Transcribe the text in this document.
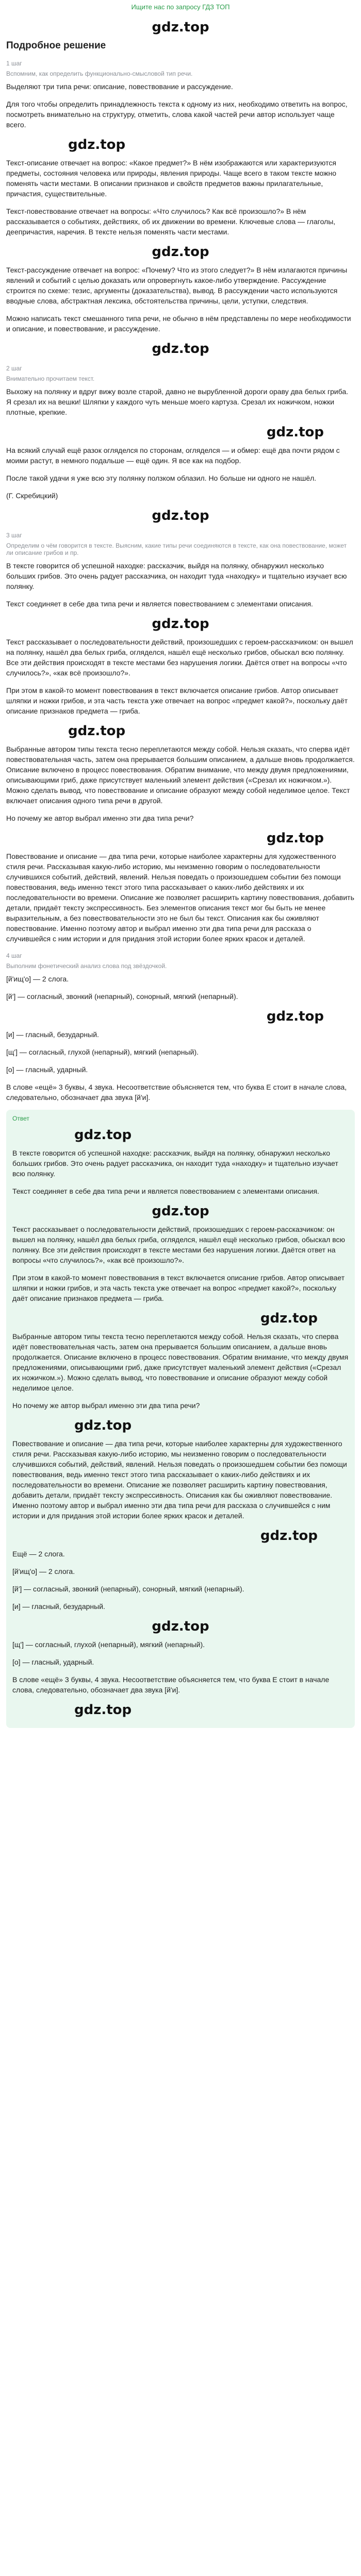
Ищите нас по запросу ГДЗ ТОП
gdz.top
Подробное решение
1 шаг
Вспомним, как определить функционально-смысловой тип речи.

Выделяют три типа речи: описание, повествование и рассуждение.

Для того чтобы определить принадлежность текста к одному из них, необходимо ответить на вопрос, посмотреть внимательно на структуру, отметить, слова какой частей речи автор использует чаще всего.

gdz.top

Текст-описание отвечает на вопрос: «Какое предмет?» В нём изображаются или характеризуются предметы, состояния человека или природы, явления природы. Чаще всего в таком тексте можно поменять части местами. В описании признаков и свойств предметов важны прилагательные, причастия, существительные.

Текст-повествование отвечает на вопросы: «Что случилось? Как всё произошло?» В нём рассказывается о событиях, действиях, об их движении во времени. Ключевые слова — глаголы, деепричастия, наречия. В тексте нельзя поменять части местами.

gdz.top

Текст-рассуждение отвечает на вопрос: «Почему? Что из этого следует?» В нём излагаются причины явлений и событий с целью доказать или опровергнуть какое-либо утверждение. Рассуждение строится по схеме: тезис, аргументы (доказательства), вывод. В рассуждении часто используются вводные слова, абстрактная лексика, обстоятельства причины, цели, уступки, следствия.

Можно написать текст смешанного типа речи, не обычно в нём представлены по мере необходимости и описание, и повествование, и рассуждение.

gdz.top
2 шаг
Внимательно прочитаем текст.

Выхожу на полянку и вдруг вижу возле старой, давно не вырубленной дороги ораву два белых гриба. Я срезал их на вешки! Шляпки у каждого чуть меньше моего картуза. Срезал их ножичком, ножки плотные, крепкие.

gdz.top

На всякий случай ещё разок огляделся по сторонам, огляделся — и обмер: ещё два почти рядом с моими растут, в немного подальше — ещё один. Я все как на подбор.

После такой удачи я уже всю эту полянку ползком облазил. Но больше ни одного не нашёл.

(Г. Скребицкий)

gdz.top
3 шаг
Определим о чём говорится в тексте. Выясним, какие типы речи соединяются в тексте, как она повествование, может ли описание грибов и пр.

В тексте говорится об успешной находке: рассказчик, выйдя на полянку, обнаружил несколько больших грибов. Это очень радует рассказчика, он находит туда «находку» и тщательно изучает всю полянку.

Текст соединяет в себе два типа речи и является повествованием с элементами описания.

gdz.top

Текст рассказывает о последовательности действий, произошедших с героем-рассказчиком: он вышел на полянку, нашёл два белых гриба, огляделся, нашёл ещё несколько грибов, обыскал всю полянку. Все эти действия происходят в тексте местами без нарушения логики. Даётся ответ на вопросы «что случилось?», «как всё произошло?».

При этом в какой-то момент повествования в текст включается описание грибов. Автор описывает шляпки и ножки грибов, и эта часть текста уже отвечает на вопрос «предмет какой?», поскольку даёт описание признаков предмета — гриба.

gdz.top

Выбранные автором типы текста тесно переплетаются между собой. Нельзя сказать, что сперва идёт повествовательная часть, затем она прерывается большим описанием, а дальше вновь продолжается. Описание включено в процесс повествования. Обратим внимание, что между двумя предложениями, описывающими гриб, даже присутствует маленький элемент действия («Срезал их ножичком.»). Можно сделать вывод, что повествование и описание образуют между собой неделимое целое. Текст включает описания одного типа речи в другой.

Но почему же автор выбрал именно эти два типа речи?

gdz.top

Повествование и описание — два типа речи, которые наиболее характерны для художественного стиля речи. Рассказывая какую-либо историю, мы неизменно говорим о последовательности случившихся событий, действий, явлений. Нельзя поведать о произошедшем событии без помощи повествования, ведь именно текст этого типа рассказывает о каких-либо действиях и их последовательности во времени. Описание же позволяет расширить картину повествования, добавить детали, придаёт тексту экспрессивность. Без элементов описания текст мог бы быть не менее выразительным, а без повествовательности это не был бы текст. Описания как бы оживляют повествование. Именно поэтому автор и выбрал именно эти два типа речи для рассказа о случившейся с ним истории и для придания этой истории более ярких красок и деталей.

4 шаг
Выполним фонетический анализ слова под звёздочкой.

[й'ищ'о] — 2 слога.

[й'] — согласный, звонкий (непарный), сонорный, мягкий (непарный).

gdz.top

[и] — гласный, безударный.

[щ'] — согласный, глухой (непарный), мягкий (непарный).

[о] — гласный, ударный.

В слове «ещё» 3 буквы, 4 звука. Несоответствие объясняется тем, что буква Е стоит в начале слова, следовательно, обозначает два звука [й'и].

Ответ
gdz.top

В тексте говорится об успешной находке: рассказчик, выйдя на полянку, обнаружил несколько больших грибов. Это очень радует рассказчика, он находит туда «находку» и тщательно изучает всю полянку.

Текст соединяет в себе два типа речи и является повествованием с элементами описания.

gdz.top

Текст рассказывает о последовательности действий, произошедших с героем-рассказчиком: он вышел на полянку, нашёл два белых гриба, огляделся, нашёл ещё несколько грибов, обыскал всю полянку. Все эти действия происходят в тексте местами без нарушения логики. Даётся ответ на вопросы «что случилось?», «как всё произошло?».

При этом в какой-то момент повествования в текст включается описание грибов. Автор описывает шляпки и ножки грибов, и эта часть текста уже отвечает на вопрос «предмет какой?», поскольку даёт описание признаков предмета — гриба.

gdz.top

Выбранные автором типы текста тесно переплетаются между собой. Нельзя сказать, что сперва идёт повествовательная часть, затем она прерывается большим описанием, а дальше вновь продолжается. Описание включено в процесс повествования. Обратим внимание, что между двумя предложениями, описывающими гриб, даже присутствует маленький элемент действия («Срезал их ножичком.»). Можно сделать вывод, что повествование и описание образуют между собой неделимое целое.

Но почему же автор выбрал именно эти два типа речи?

gdz.top

Повествование и описание — два типа речи, которые наиболее характерны для художественного стиля речи. Рассказывая какую-либо историю, мы неизменно говорим о последовательности случившихся событий, действий, явлений. Нельзя поведать о произошедшем событии без помощи повествования, ведь именно текст этого типа рассказывает о каких-либо действиях и их последовательности во времени. Описание же позволяет расширить картину повествования, добавить детали, придаёт тексту экспрессивность. Описания как бы оживляют повествование. Именно поэтому автор и выбрал именно эти два типа речи для рассказа о случившейся с ним истории и для придания этой истории более ярких красок и деталей.

gdz.top

Ещё — 2 слога.

[й'ищ'о] — 2 слога.

[й'] — согласный, звонкий (непарный), сонорный, мягкий (непарный).

[и] — гласный, безударный.

gdz.top

[щ'] — согласный, глухой (непарный), мягкий (непарный).

[о] — гласный, ударный.

В слове «ещё» 3 буквы, 4 звука. Несоответствие объясняется тем, что буква Е стоит в начале слова, следовательно, обозначает два звука [й'и].

gdz.top
